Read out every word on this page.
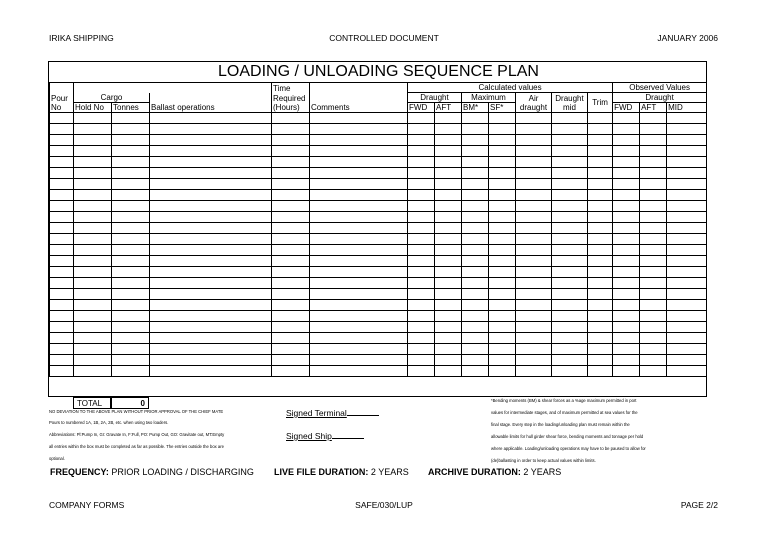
IRIKA SHIPPING	CONTROLLED DOCUMENT	JANUARY 2006
LOADING / UNLOADING SEQUENCE PLAN
				Time		Calculated values							Observed Values		
Pour	Cargo			Required		Draught		Maximum		Air	Draught	Trim	Draught		
No	Hold No	Tonnes	Ballast operations	(Hours)	Comments	FWD	AFT	BM*	SF*	draught	mid		FWD	AFT	MID

TOTAL	0
NO DEVIATION TO THE ABOVE PLAN WITHOUT PRIOR APPROVAL OF THE CHIEF MATE
Pours to numbered 1A, 1B, 2A, 2B, etc. when using two loaders.
Abbreviations: Pl:Pump In, GI: Gravate In, F:Full, PO: Pump Out, GO: Gravitate out, MT:Empty
all entries within the box must be completed as far as possible. The entries outside the box are
optional.
Signed Terminal
Signed Ship
*Bending moments (BM) & shear forces as a %age maximum permitted in port
values for intermediate stages, and of maximum permitted at sea values for the
final stage. Every step in the loading/unloading plan must remain within the
allowable limits for hull girder shear force, bending moments and tonnage per hold
where applicable. Loading/unloading operations may have to be paused to allow for
(de)ballasting in order to keep actual values within limits.
FREQUENCY: PRIOR LOADING / DISCHARGING LIVE FILE DURATION: 2 YEARS ARCHIVE DURATION: 2 YEARS
COMPANY FORMS	SAFE/030/LUP	PAGE 2/2
